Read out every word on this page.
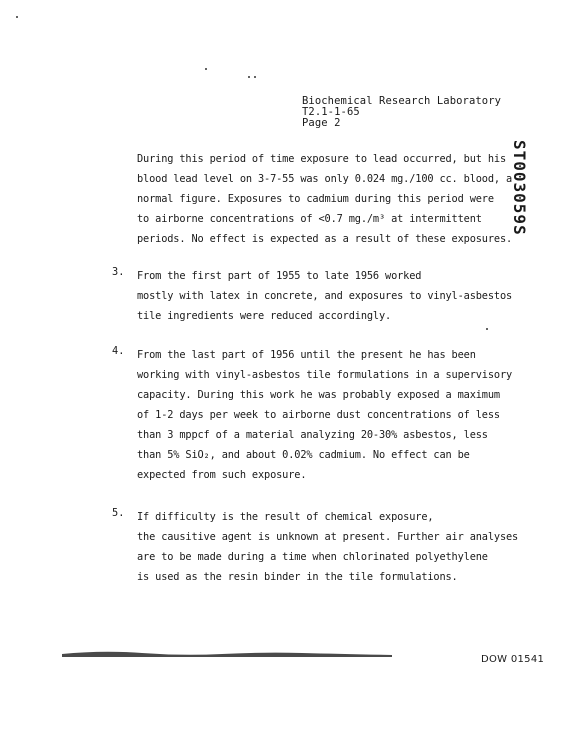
Biochemical Research Laboratory
T2.1-1-65
Page 2
ST003059S
During this period of time exposure to lead occurred, but his
blood lead level on 3-7-55 was only 0.024 mg./100 cc. blood, a
normal figure. Exposures to cadmium during this period were
to airborne concentrations of <0.7 mg./m³ at intermittent
periods. No effect is expected as a result of these exposures.
3. From the first part of 1955 to late 1956 worked
mostly with latex in concrete, and exposures to vinyl-asbestos
tile ingredients were reduced accordingly.
4. From the last part of 1956 until the present he has been
working with vinyl-asbestos tile formulations in a supervisory
capacity. During this work he was probably exposed a maximum
of 1-2 days per week to airborne dust concentrations of less
than 3 mppcf of a material analyzing 20-30% asbestos, less
than 5% SiO₂, and about 0.02% cadmium. No effect can be
expected from such exposure.
5. If difficulty is the result of chemical exposure,
the causitive agent is unknown at present. Further air analyses
are to be made during a time when chlorinated polyethylene
is used as the resin binder in the tile formulations.
DOW 01541
